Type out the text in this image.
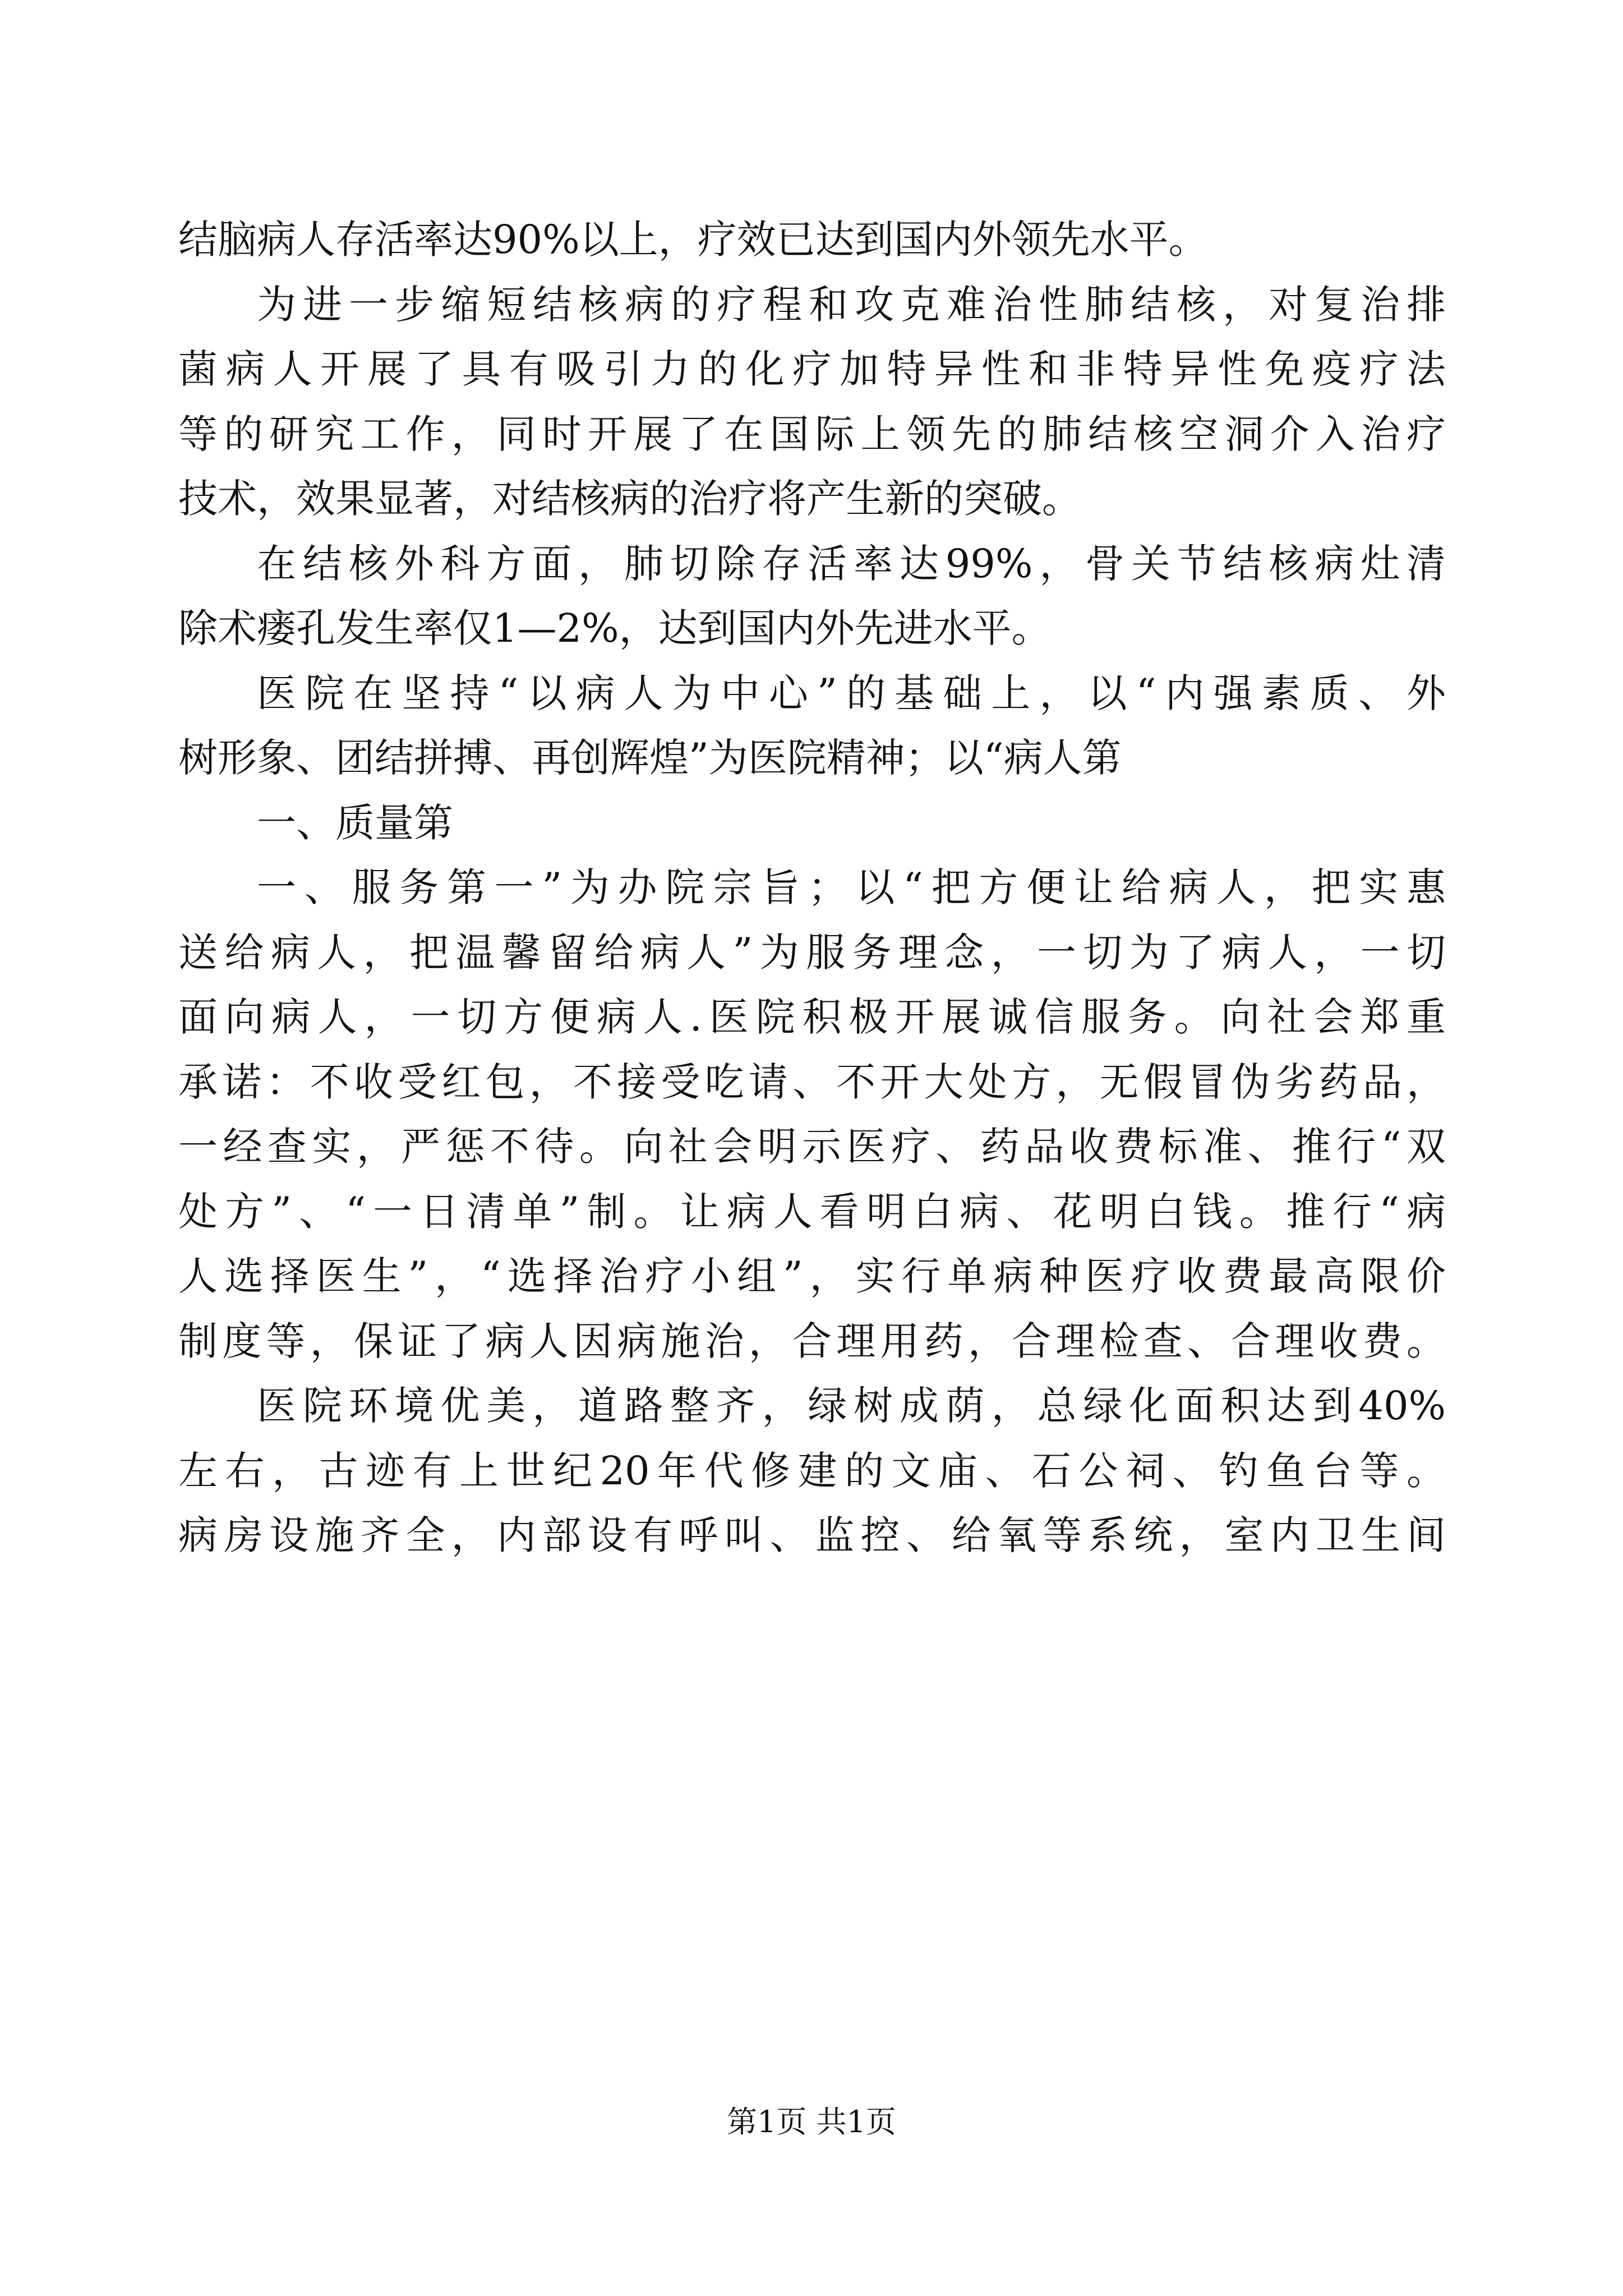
结脑病人存活率达90%以上，疗效已达到国内外领先水平。
为进一步缩短结核病的疗程和攻克难治性肺结核，对复治排
菌病人开展了具有吸引力的化疗加特异性和非特异性免疫疗法
等的研究工作，同时开展了在国际上领先的肺结核空洞介入治疗
技术，效果显著，对结核病的治疗将产生新的突破。
在结核外科方面，肺切除存活率达99%，骨关节结核病灶清
除术瘘孔发生率仅1—2%，达到国内外先进水平。
医院在坚持“以病人为中心”的基础上，以“内强素质、外
树形象、团结拼搏、再创辉煌”为医院精神；以“病人第
一、质量第
一、服务第一”为办院宗旨；以“把方便让给病人，把实惠
送给病人，把温馨留给病人”为服务理念，一切为了病人，一切
面向病人，一切方便病人.医院积极开展诚信服务。向社会郑重
承诺：不收受红包，不接受吃请、不开大处方，无假冒伪劣药品，
一经查实，严惩不待。向社会明示医疗、药品收费标准、推行“双
处方”、“一日清单”制。让病人看明白病、花明白钱。推行“病
人选择医生”，“选择治疗小组”，实行单病种医疗收费最高限价
制度等，保证了病人因病施治，合理用药，合理检查、合理收费。
医院环境优美，道路整齐，绿树成荫，总绿化面积达到40%
左右，古迹有上世纪20年代修建的文庙、石公祠、钓鱼台等。
病房设施齐全，内部设有呼叫、监控、给氧等系统，室内卫生间
第1页 共1页
